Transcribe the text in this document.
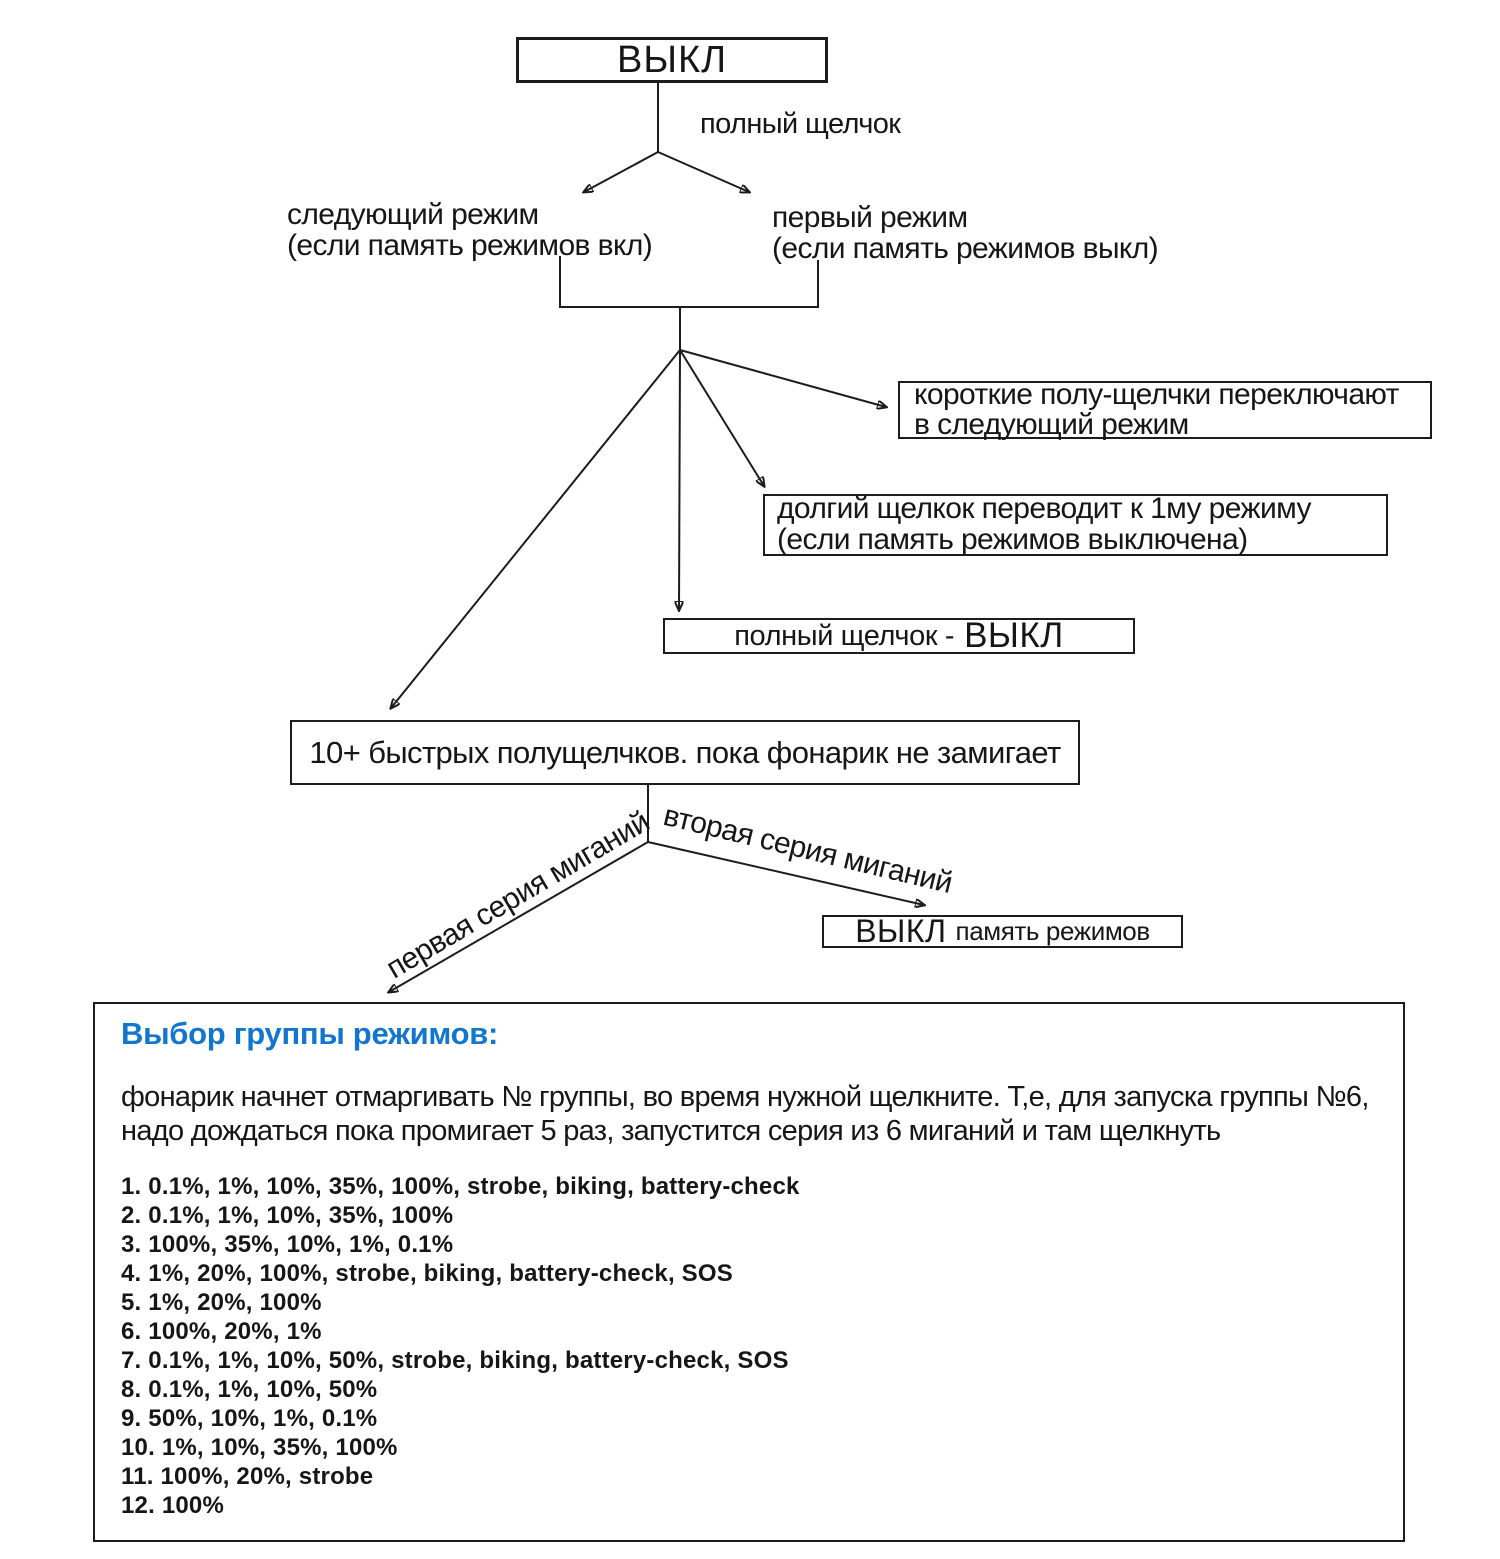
ВЫКЛ
полный щелчок
следующий режим
(если память режимов вкл)
первый режим
(если память режимов выкл)
короткие полу-щелчки переключают
в следующий режим
долгий щелкок переводит к 1му режиму
(если память режимов выключена)
полный щелчок - ВЫКЛ
10+ быстрых полущелчков. пока фонарик не замигает
первая серия миганий вторая серия миганий
ВЫКЛ память режимов
Выбор группы режимов:
фонарик начнет отмаргивать № группы, во время нужной щелкните. Т,е, для запуска группы №6,
надо дождаться пока промигает 5 раз, запустится серия из 6 миганий и там щелкнуть
1. 0.1%, 1%, 10%, 35%, 100%, strobe, biking, battery-check
2. 0.1%, 1%, 10%, 35%, 100%
3. 100%, 35%, 10%, 1%, 0.1%
4. 1%, 20%, 100%, strobe, biking, battery-check, SOS
5. 1%, 20%, 100%
6. 100%, 20%, 1%
7. 0.1%, 1%, 10%, 50%, strobe, biking, battery-check, SOS
8. 0.1%, 1%, 10%, 50%
9. 50%, 10%, 1%, 0.1%
10. 1%, 10%, 35%, 100%
11. 100%, 20%, strobe
12. 100%
